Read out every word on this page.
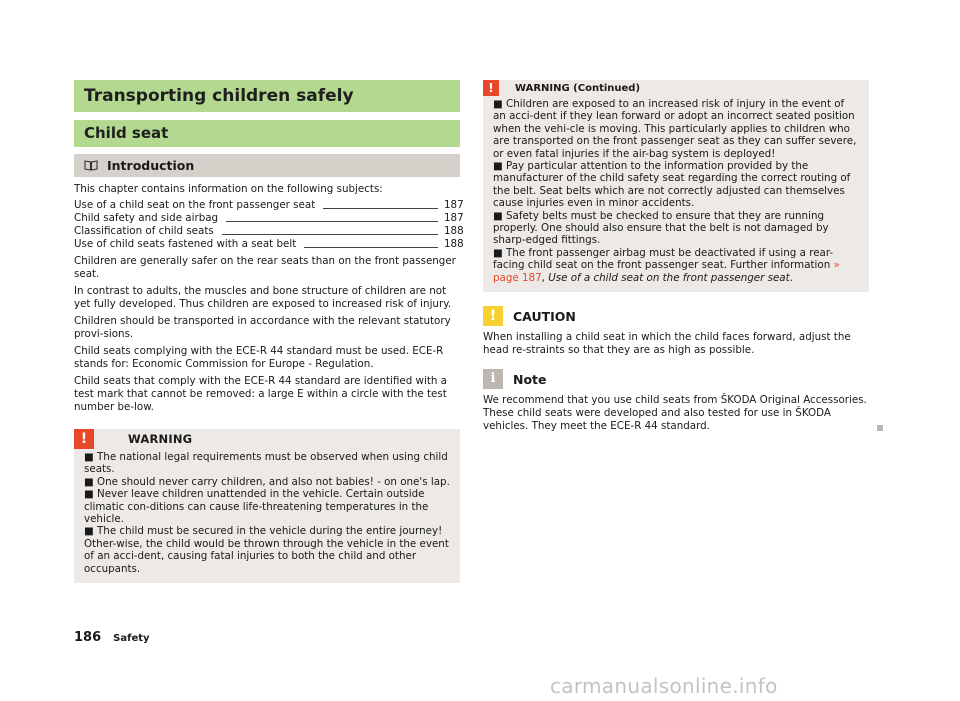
Transporting children safely
Child seat
Introduction

This chapter contains information on the following subjects:

Use of a child seat on the front passenger seat	187
Child safety and side airbag	187
Classification of child seats	188
Use of child seats fastened with a seat belt	188

Children are generally safer on the rear seats than on the front passenger seat.

In contrast to adults, the muscles and bone structure of children are not yet fully developed. Thus children are exposed to increased risk of injury.

Children should be transported in accordance with the relevant statutory provi-sions.

Child seats complying with the ECE-R 44 standard must be used. ECE-R stands for: Economic Commission for Europe - Regulation.

Child seats that comply with the ECE-R 44 standard are identified with a test mark that cannot be removed: a large E within a circle with the test number be-low.

!	WARNING

■ The national legal requirements must be observed when using child seats.

■ One should never carry children, and also not babies! - on one's lap.

■ Never leave children unattended in the vehicle. Certain outside climatic con-ditions can cause life-threatening temperatures in the vehicle.

■ The child must be secured in the vehicle during the entire journey! Other-wise, the child would be thrown through the vehicle in the event of an acci-dent, causing fatal injuries to both the child and other occupants.

!	WARNING (Continued)

■ Children are exposed to an increased risk of injury in the event of an acci-dent if they lean forward or adopt an incorrect seated position when the vehi-cle is moving. This particularly applies to children who are transported on the front passenger seat as they can suffer severe, or even fatal injuries if the air-bag system is deployed!

■ Pay particular attention to the information provided by the manufacturer of the child safety seat regarding the correct routing of the belt. Seat belts which are not correctly adjusted can themselves cause injuries even in minor accidents.

■ Safety belts must be checked to ensure that they are running properly. One should also ensure that the belt is not damaged by sharp-edged fittings.

■ The front passenger airbag must be deactivated if using a rear-facing child seat on the front passenger seat. Further information » page 187, Use of a child seat on the front passenger seat.

!	CAUTION

When installing a child seat in which the child faces forward, adjust the head re-straints so that they are as high as possible.

i	Note

We recommend that you use child seats from ŠKODA Original Accessories. These child seats were developed and also tested for use in ŠKODA vehicles. They meet the ECE-R 44 standard.

186 Safety
carmanualsonline.info
